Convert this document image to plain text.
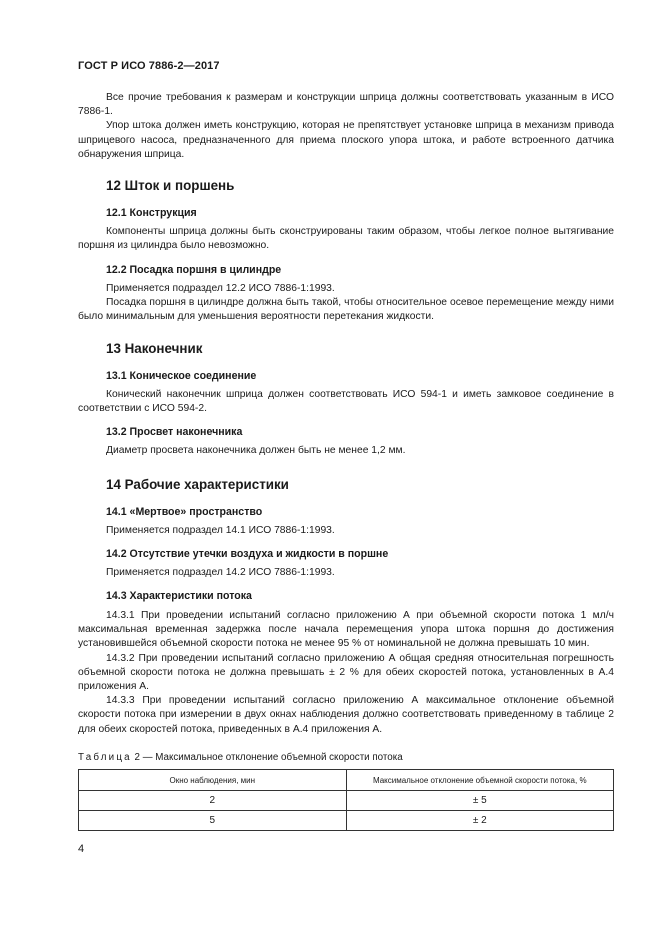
ГОСТ Р ИСО 7886-2—2017

Все прочие требования к размерам и конструкции шприца должны соответствовать указанным в ИСО 7886-1.

Упор штока должен иметь конструкцию, которая не препятствует установке шприца в механизм привода шприцевого насоса, предназначенного для приема плоского упора штока, и работе встроенного датчика обнаружения шприца.

12 Шток и поршень
12.1 Конструкция

Компоненты шприца должны быть сконструированы таким образом, чтобы легкое полное вытягивание поршня из цилиндра было невозможно.

12.2 Посадка поршня в цилиндре

Применяется подраздел 12.2 ИСО 7886-1:1993.

Посадка поршня в цилиндре должна быть такой, чтобы относительное осевое перемещение между ними было минимальным для уменьшения вероятности перетекания жидкости.

13 Наконечник
13.1 Коническое соединение

Конический наконечник шприца должен соответствовать ИСО 594-1 и иметь замковое соединение в соответствии с ИСО 594-2.

13.2 Просвет наконечника

Диаметр просвета наконечника должен быть не менее 1,2 мм.

14 Рабочие характеристики
14.1 «Мертвое» пространство

Применяется подраздел 14.1 ИСО 7886-1:1993.

14.2 Отсутствие утечки воздуха и жидкости в поршне

Применяется подраздел 14.2 ИСО 7886-1:1993.

14.3 Характеристики потока

14.3.1 При проведении испытаний согласно приложению А при объемной скорости потока 1 мл/ч максимальная временная задержка после начала перемещения упора штока поршня до достижения установившейся объемной скорости потока не менее 95 % от номинальной не должна превышать 10 мин.

14.3.2 При проведении испытаний согласно приложению А общая средняя относительная погрешность объемной скорости потока не должна превышать ± 2 % для обеих скоростей потока, установленных в А.4 приложения А.

14.3.3 При проведении испытаний согласно приложению А максимальное отклонение объемной скорости потока при измерении в двух окнах наблюдения должно соответствовать приведенному в таблице 2 для обеих скоростей потока, приведенных в А.4 приложения А.

Таблица 2 — Максимальное отклонение объемной скорости потока
Окно наблюдения, мин	Максимальное отклонение объемной скорости потока, %
2	± 5
5	± 2
4
